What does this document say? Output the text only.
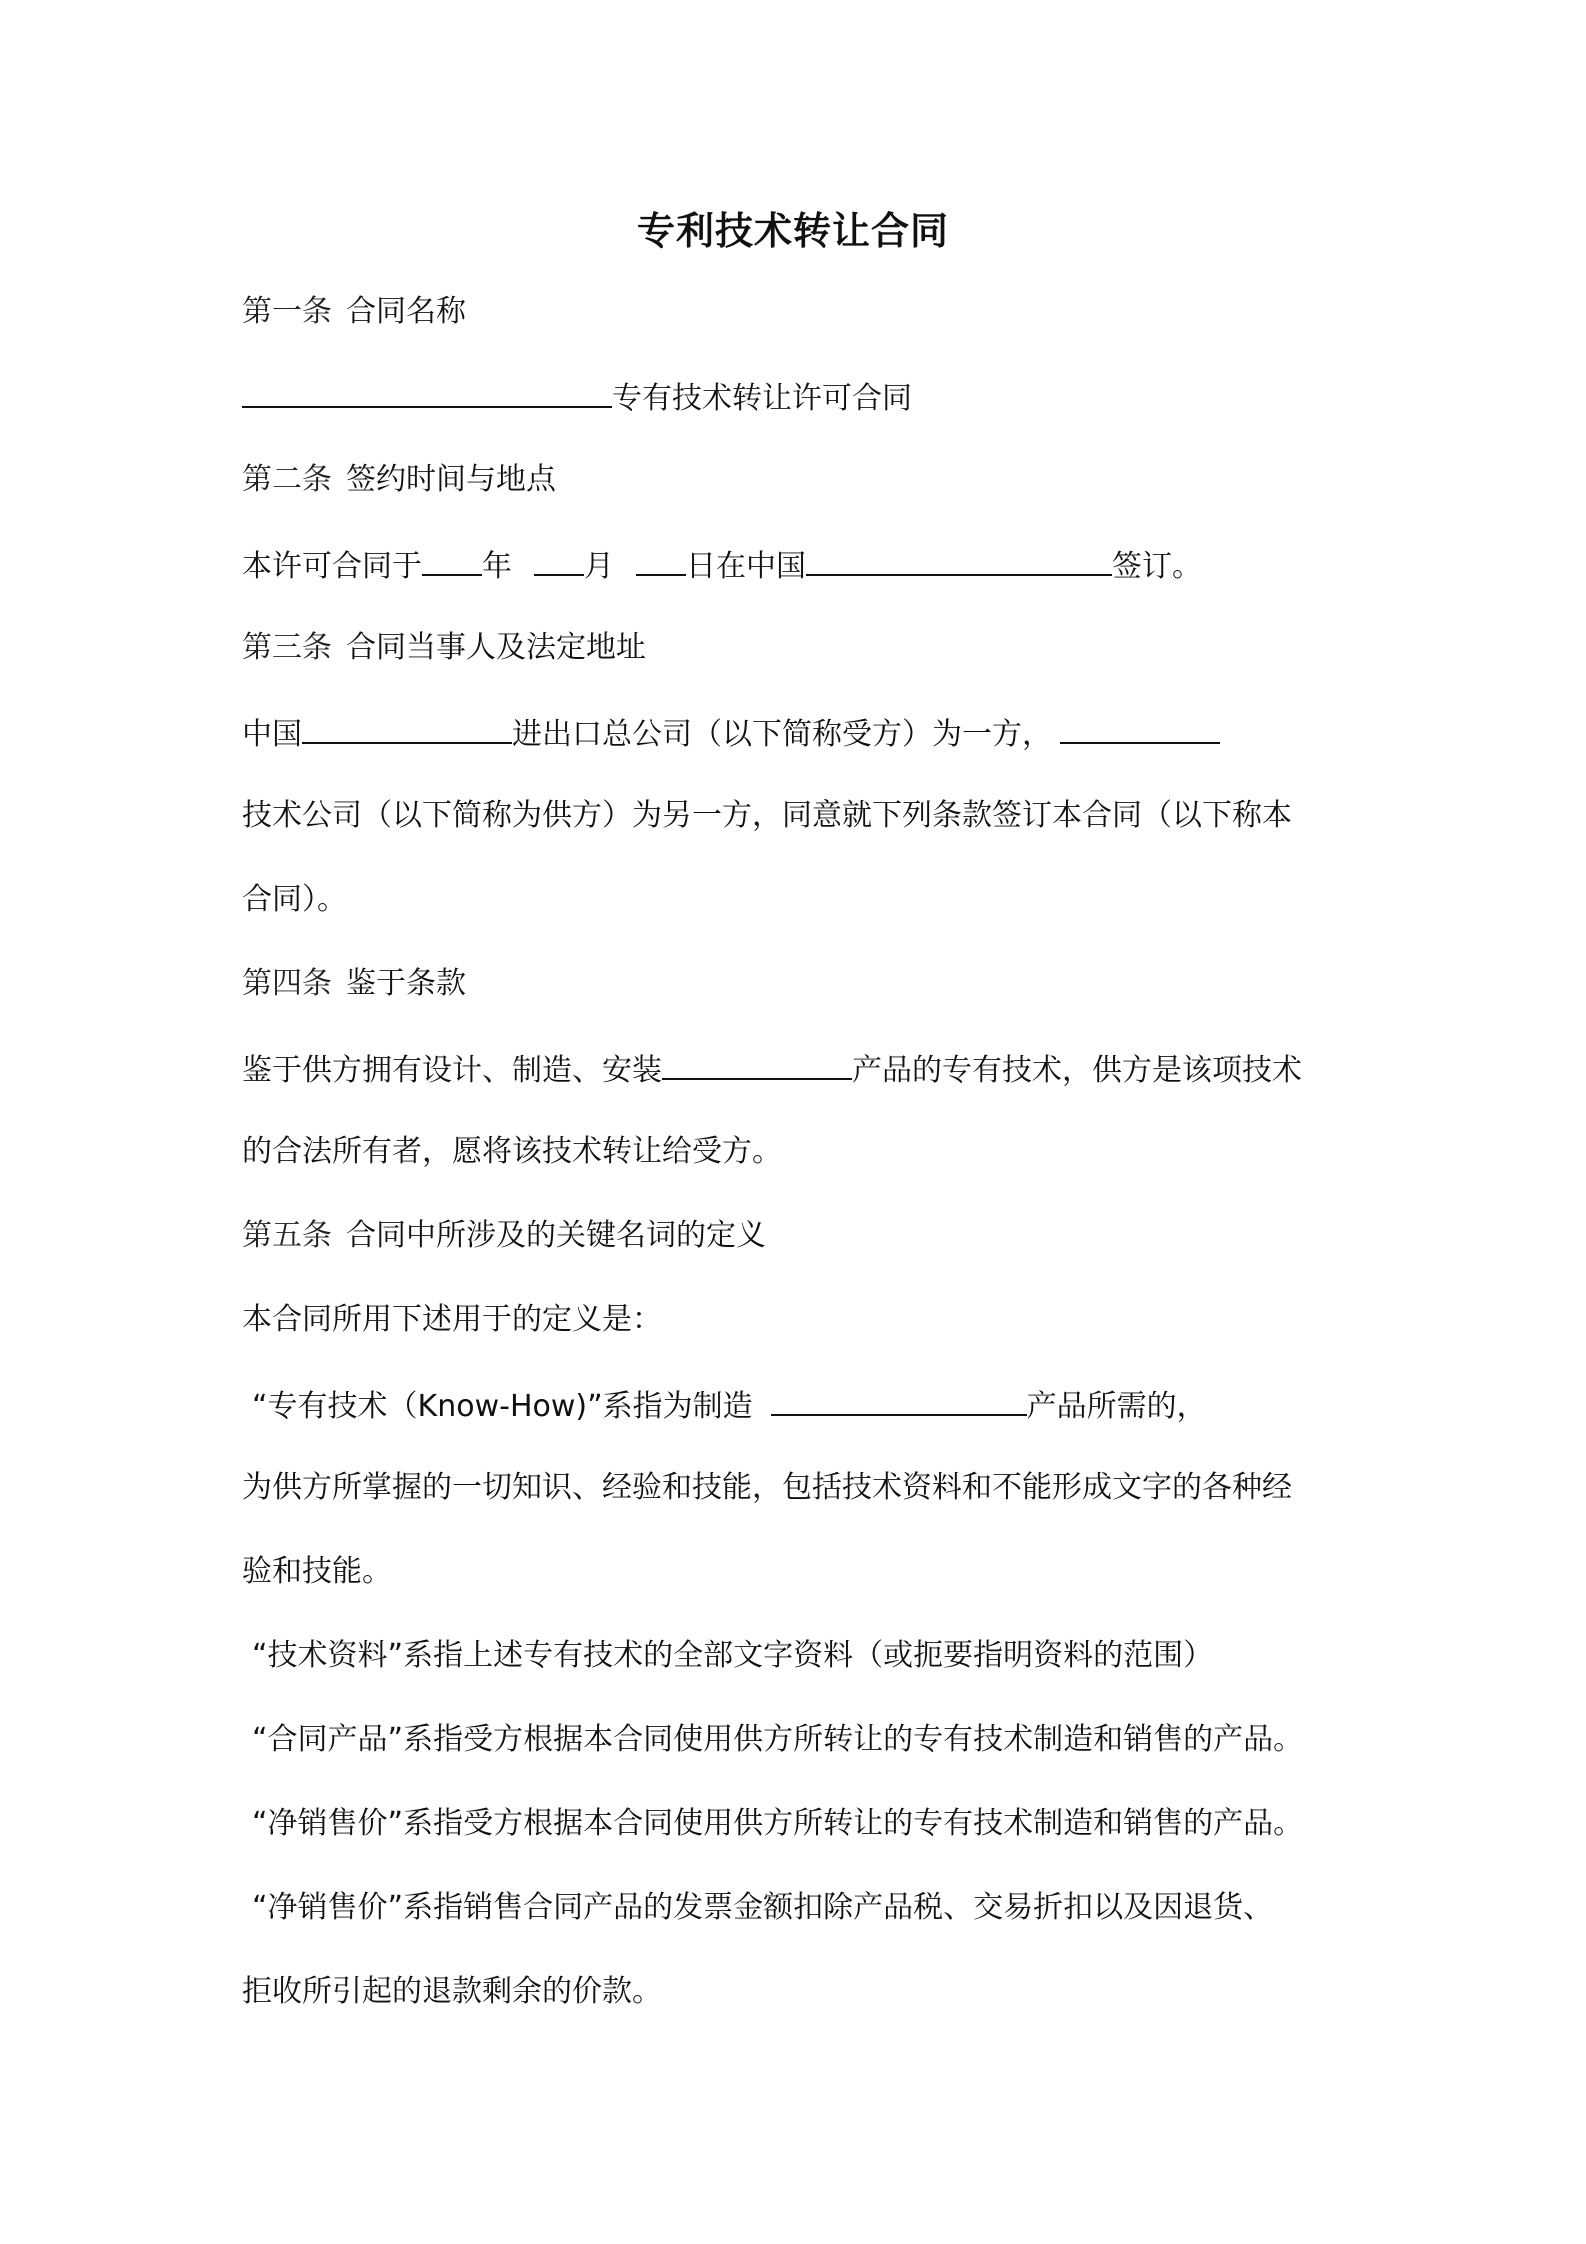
专利技术转让合同
第一条 合同名称
专有技术转让许可合同
第二条 签约时间与地点
本许可合同于 年 月 日在中国	签订。
第三条 合同当事人及法定地址
中国	进出口总公司（以下简称受方）为一方，
技术公司（以下简称为供方）为另一方，同意就下列条款签订本合同（以下称本
合同）。
第四条 鉴于条款
鉴于供方拥有设计、制造、安装	产品的专有技术，供方是该项技术
的合法所有者，愿将该技术转让给受方。
第五条 合同中所涉及的关键名词的定义
本合同所用下述用于的定义是：
“专有技术（Know-How)”系指为制造	产品所需的，
为供方所掌握的一切知识、经验和技能，包括技术资料和不能形成文字的各种经
验和技能。
“技术资料”系指上述专有技术的全部文字资料（或扼要指明资料的范围）
“合同产品”系指受方根据本合同使用供方所转让的专有技术制造和销售的产品。
“净销售价”系指受方根据本合同使用供方所转让的专有技术制造和销售的产品。
“净销售价”系指销售合同产品的发票金额扣除产品税、交易折扣以及因退货、
拒收所引起的退款剩余的价款。
